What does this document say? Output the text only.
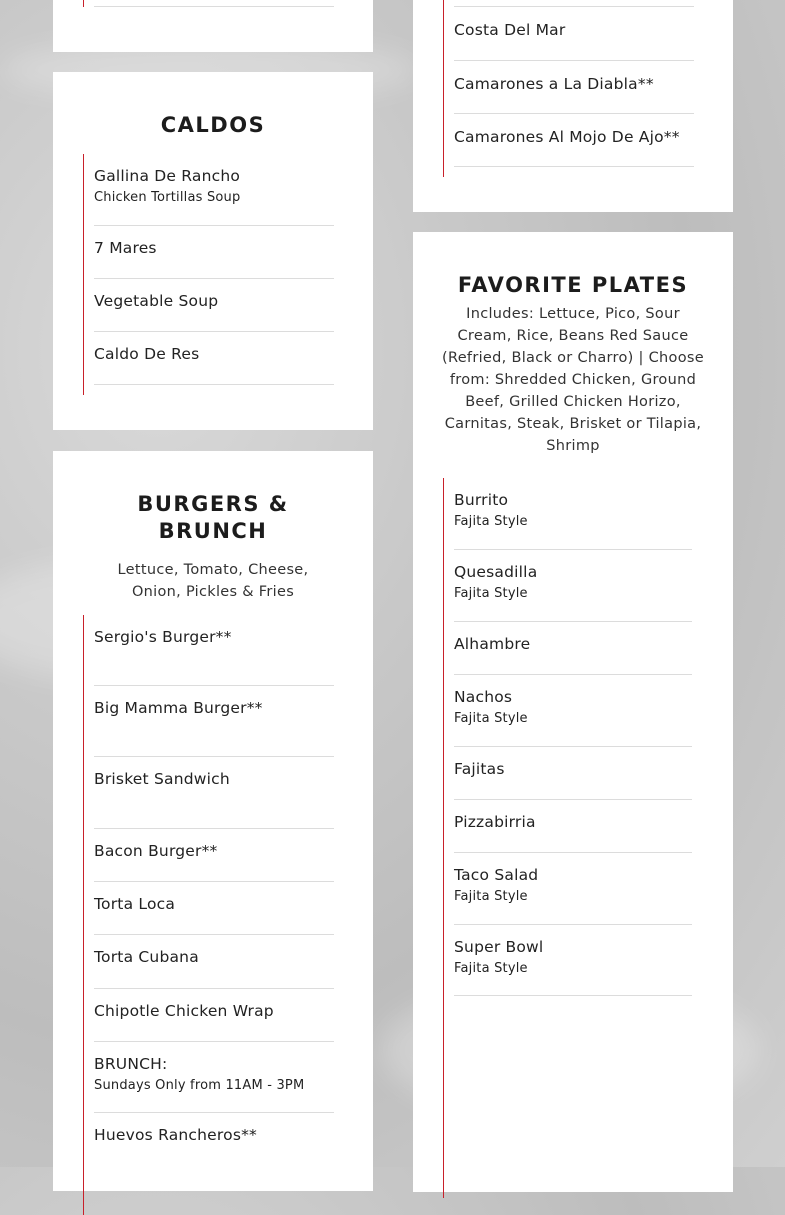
Costa Del Mar
Camarones a La Diabla**
Camarones Al Mojo De Ajo**
CALDOS
Gallina De Rancho
Chicken Tortillas Soup
7 Mares
Vegetable Soup
Caldo De Res
BURGERS & BRUNCH

Lettuce, Tomato, Cheese, Onion, Pickles & Fries

Sergio's Burger**
Big Mamma Burger**
Brisket Sandwich
Bacon Burger**
Torta Loca
Torta Cubana
Chipotle Chicken Wrap
BRUNCH:
Sundays Only from 11AM - 3PM
Huevos Rancheros**
FAVORITE PLATES

Includes: Lettuce, Pico, Sour Cream, Rice, Beans Red Sauce (Refried, Black or Charro) | Choose from: Shredded Chicken, Ground Beef, Grilled Chicken Horizo, Carnitas, Steak, Brisket or Tilapia, Shrimp

Burrito
Fajita Style
Quesadilla
Fajita Style
Alhambre
Nachos
Fajita Style
Fajitas
Pizzabirria
Taco Salad
Fajita Style
Super Bowl
Fajita Style
